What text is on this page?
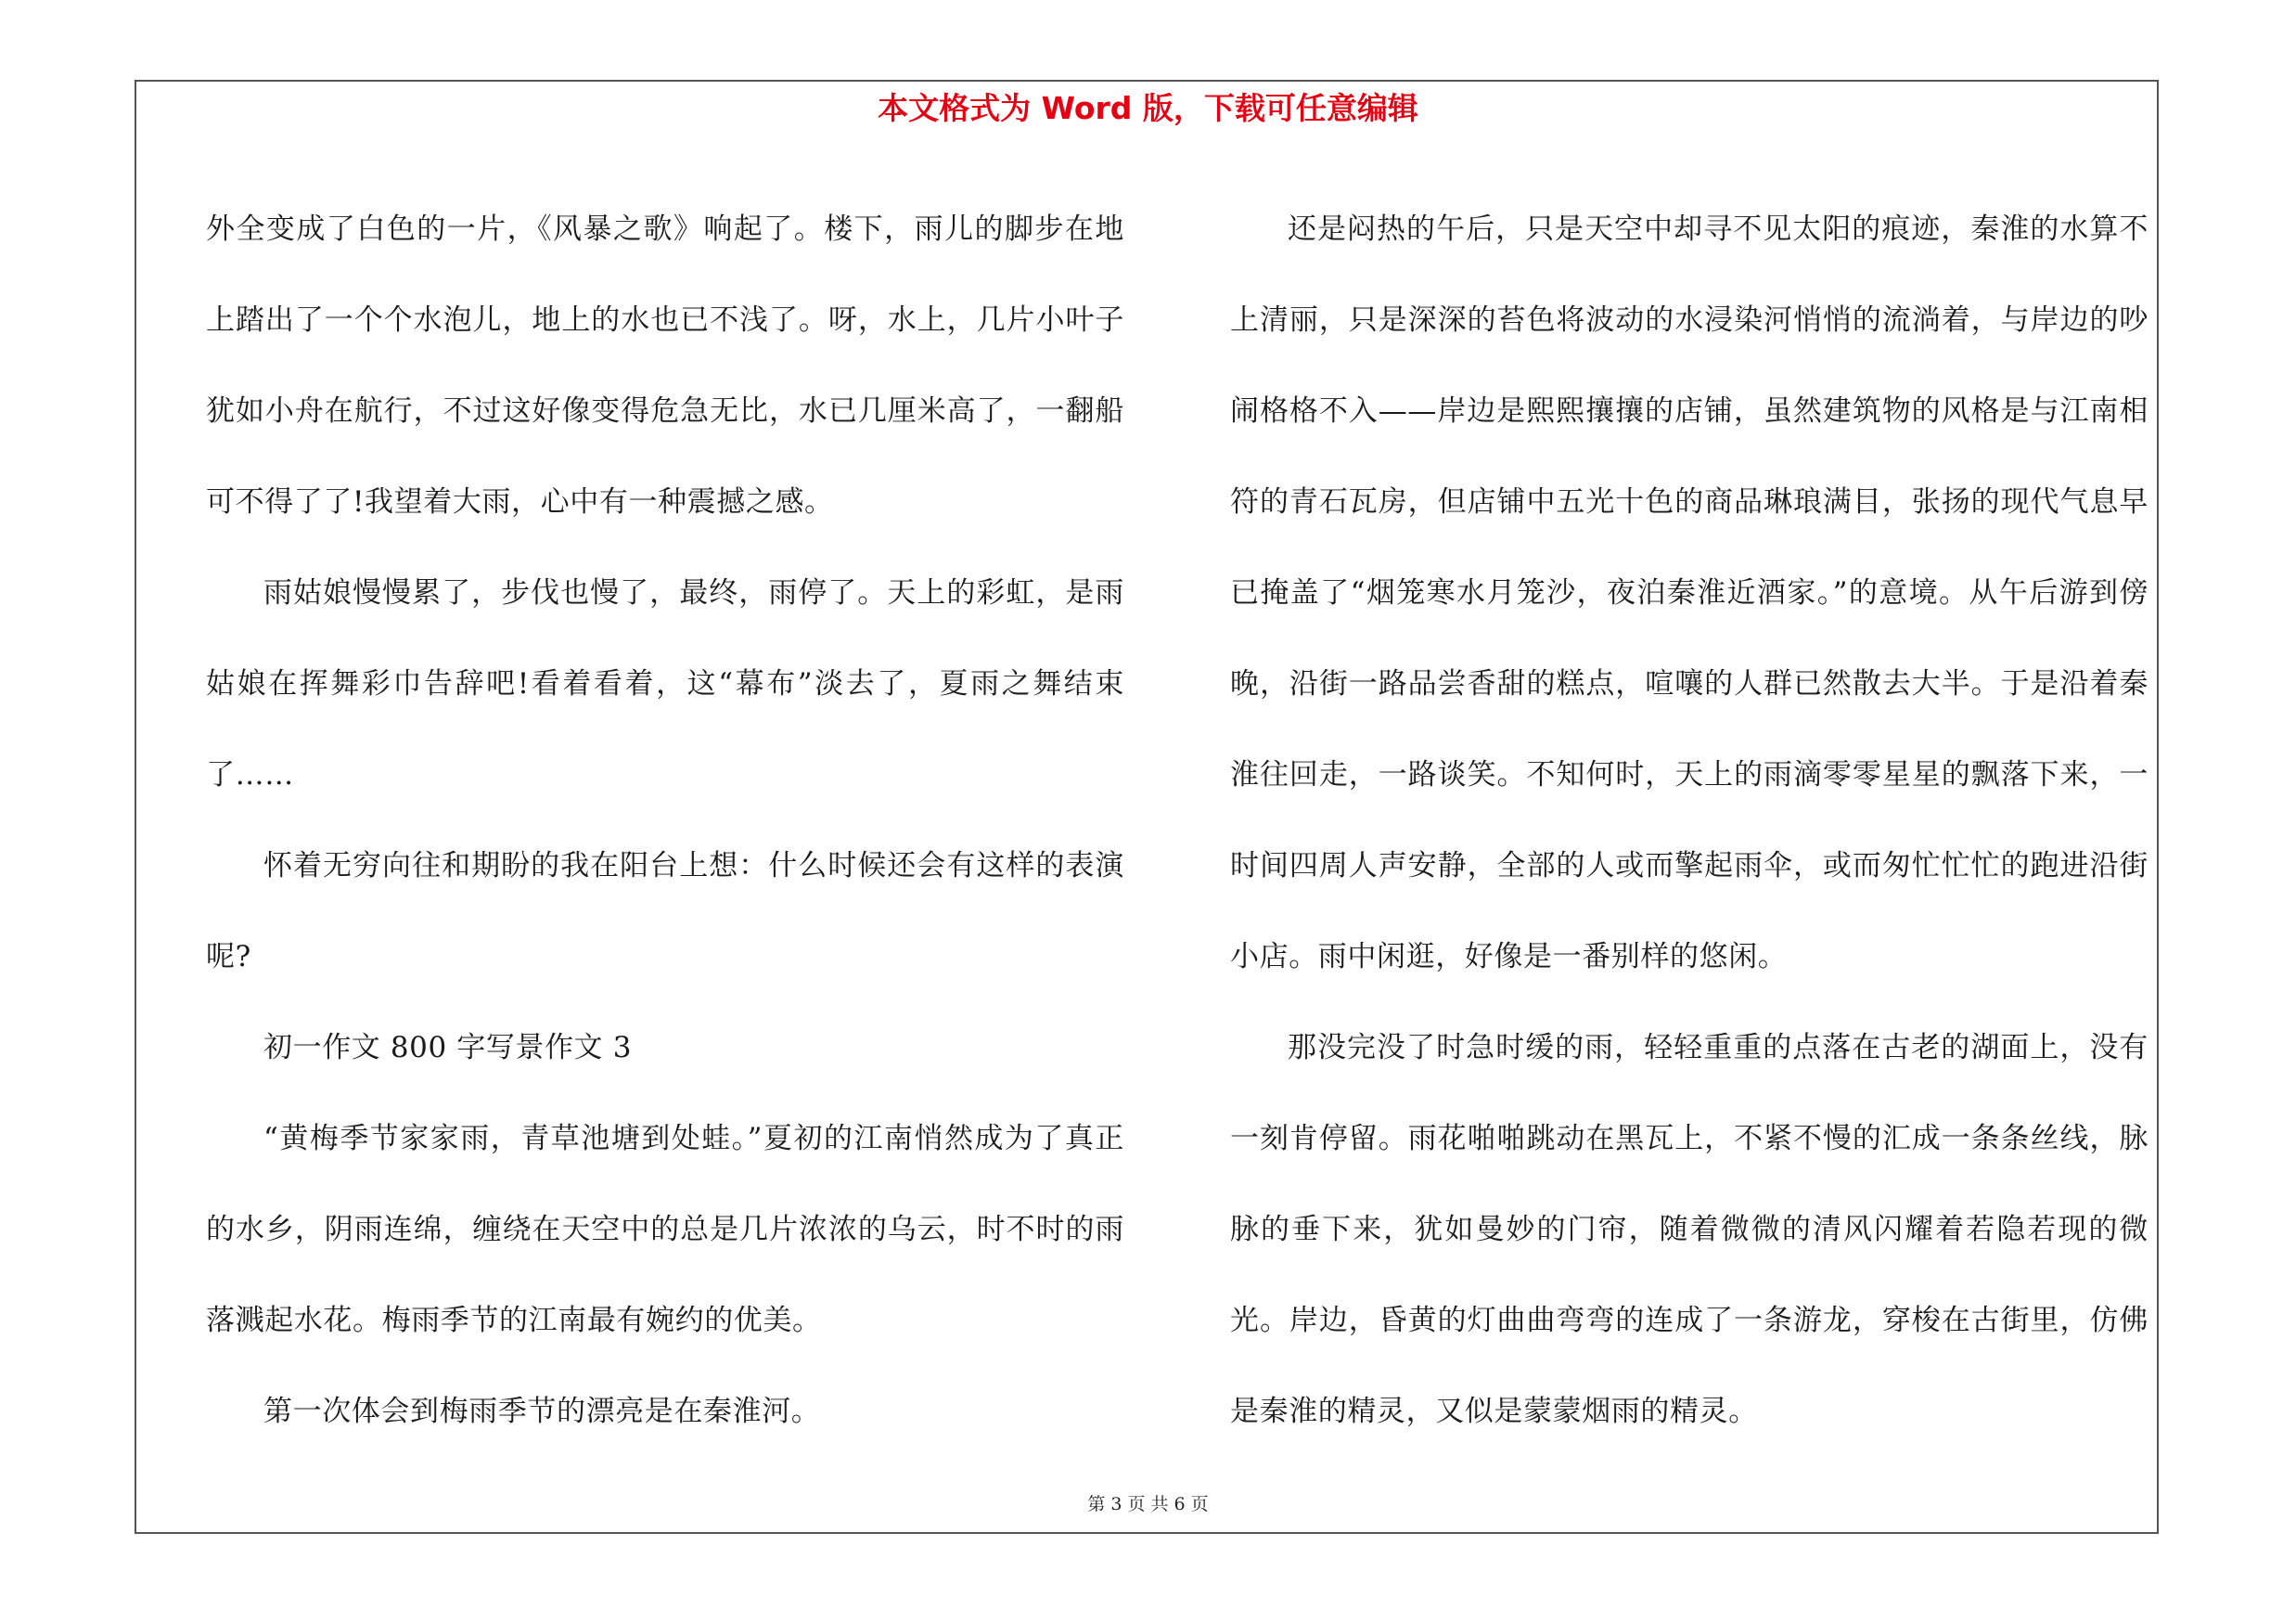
本文格式为 Word 版，下载可任意编辑

外全变成了白色的一片，《风暴之歌》响起了。楼下，雨儿的脚步在地上踏出了一个个水泡儿，地上的水也已不浅了。呀，水上，几片小叶子犹如小舟在航行，不过这好像变得危急无比，水已几厘米高了，一翻船可不得了了!我望着大雨，心中有一种震撼之感。

雨姑娘慢慢累了，步伐也慢了，最终，雨停了。天上的彩虹，是雨姑娘在挥舞彩巾告辞吧!看着看着，这“幕布”淡去了，夏雨之舞结束了……

怀着无穷向往和期盼的我在阳台上想：什么时候还会有这样的表演呢?

初一作文 800 字写景作文 3

“黄梅季节家家雨，青草池塘到处蛙。”夏初的江南悄然成为了真正的水乡，阴雨连绵，缠绕在天空中的总是几片浓浓的乌云，时不时的雨落溅起水花。梅雨季节的江南最有婉约的优美。

第一次体会到梅雨季节的漂亮是在秦淮河。

还是闷热的午后，只是天空中却寻不见太阳的痕迹，秦淮的水算不上清丽，只是深深的苔色将波动的水浸染河悄悄的流淌着，与岸边的吵闹格格不入——岸边是熙熙攘攘的店铺，虽然建筑物的风格是与江南相符的青石瓦房，但店铺中五光十色的商品琳琅满目，张扬的现代气息早已掩盖了“烟笼寒水月笼沙，夜泊秦淮近酒家。”的意境。从午后游到傍晚，沿街一路品尝香甜的糕点，喧嚷的人群已然散去大半。于是沿着秦淮往回走，一路谈笑。不知何时，天上的雨滴零零星星的飘落下来，一时间四周人声安静，全部的人或而擎起雨伞，或而匆忙忙忙的跑进沿街小店。雨中闲逛，好像是一番别样的悠闲。

那没完没了时急时缓的雨，轻轻重重的点落在古老的湖面上，没有一刻肯停留。雨花啪啪跳动在黑瓦上，不紧不慢的汇成一条条丝线，脉脉的垂下来，犹如曼妙的门帘，随着微微的清风闪耀着若隐若现的微光。岸边，昏黄的灯曲曲弯弯的连成了一条游龙，穿梭在古街里，仿佛是秦淮的精灵，又似是蒙蒙烟雨的精灵。

第 3 页 共 6 页
